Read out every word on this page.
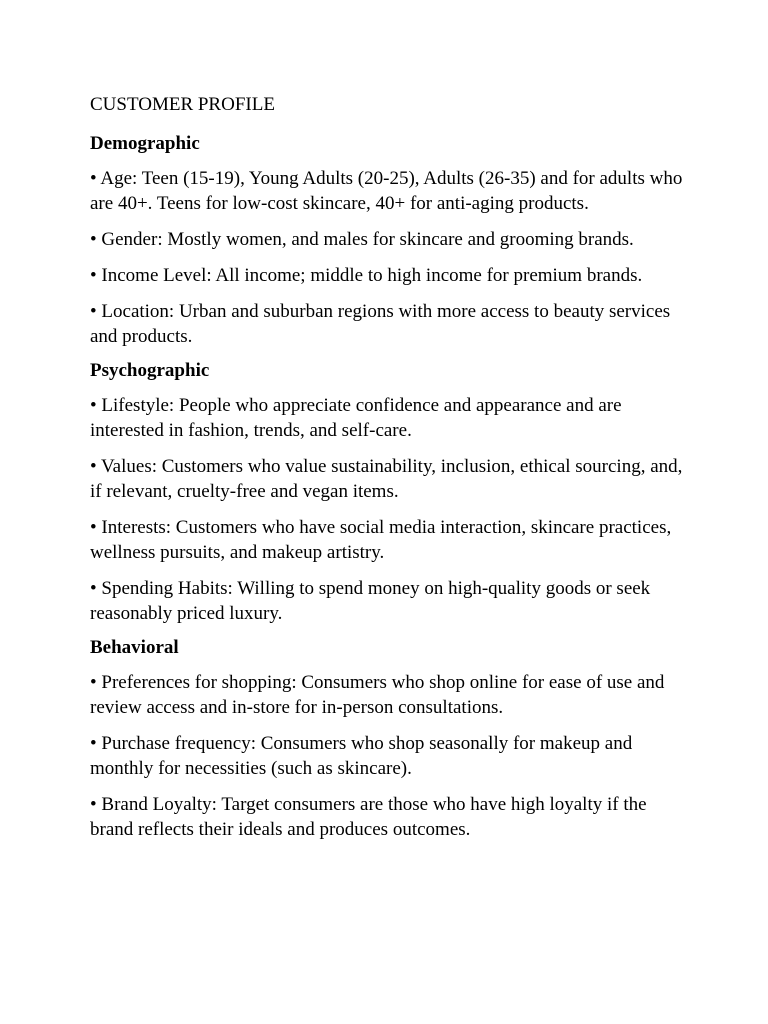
CUSTOMER PROFILE

Demographic

• Age: Teen (15-19), Young Adults (20-25), Adults (26-35) and for adults who are 40+. Teens for low-cost skincare, 40+ for anti-aging products.

• Gender: Mostly women, and males for skincare and grooming brands.

• Income Level: All income; middle to high income for premium brands.

• Location: Urban and suburban regions with more access to beauty services and products.

Psychographic

• Lifestyle: People who appreciate confidence and appearance and are interested in fashion, trends, and self-care.

• Values: Customers who value sustainability, inclusion, ethical sourcing, and, if relevant, cruelty-free and vegan items.

• Interests: Customers who have social media interaction, skincare practices, wellness pursuits, and makeup artistry.

• Spending Habits: Willing to spend money on high-quality goods or seek reasonably priced luxury.

Behavioral

• Preferences for shopping: Consumers who shop online for ease of use and review access and in-store for in-person consultations.

• Purchase frequency: Consumers who shop seasonally for makeup and monthly for necessities (such as skincare).

• Brand Loyalty: Target consumers are those who have high loyalty if the brand reflects their ideals and produces outcomes.
